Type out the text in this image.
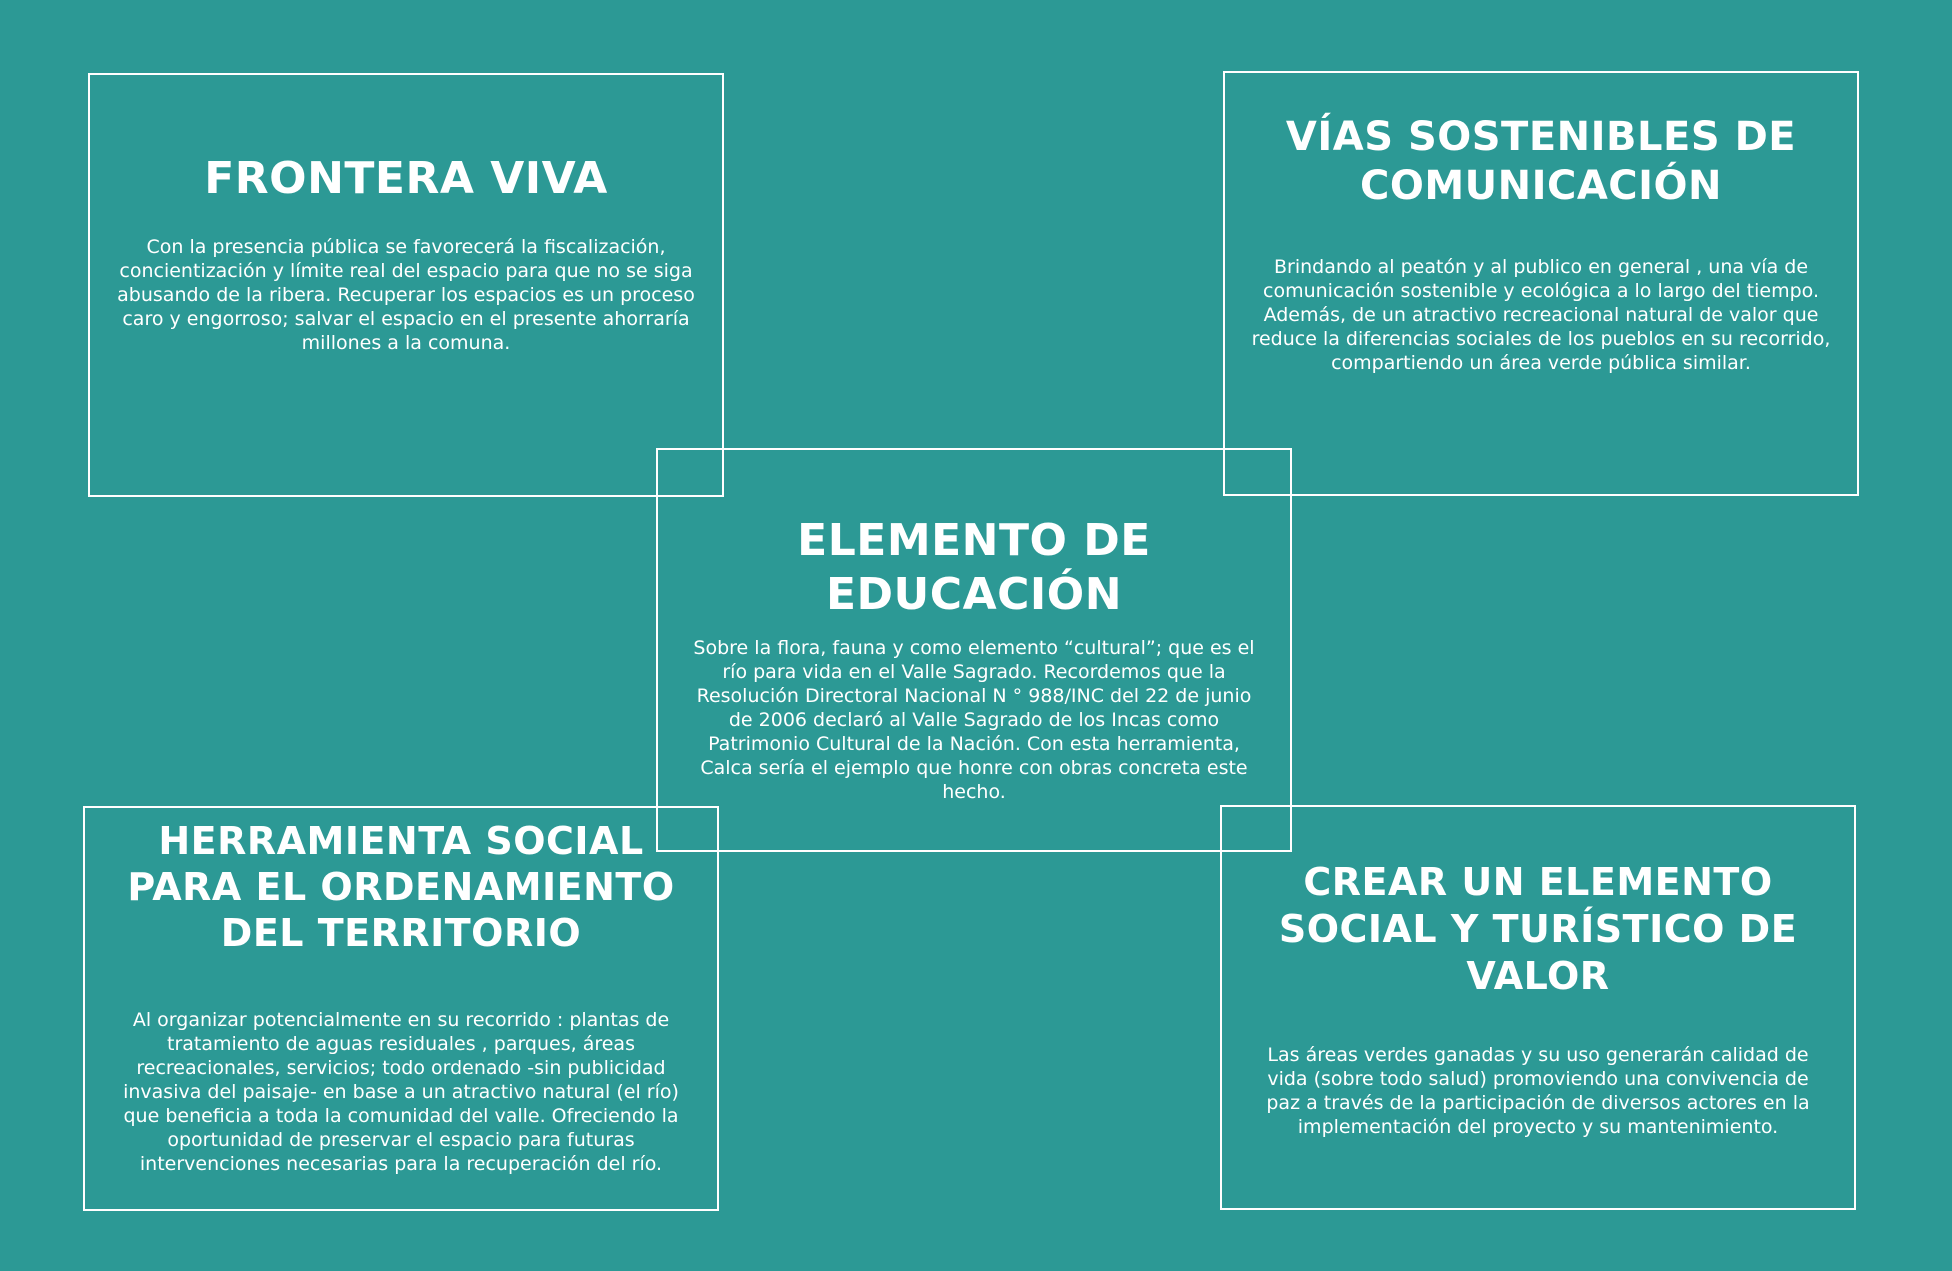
FRONTERA VIVA

Con la presencia pública se favorecerá la fiscalización,
concientización y límite real del espacio para que no se siga
abusando de la ribera. Recuperar los espacios es un proceso
caro y engorroso; salvar el espacio en el presente ahorraría
millones a la comuna.

VÍAS SOSTENIBLES DE
COMUNICACIÓN

Brindando al peatón y al publico en general , una vía de
comunicación sostenible y ecológica a lo largo del tiempo.
Además, de un atractivo recreacional natural de valor que
reduce la diferencias sociales de los pueblos en su recorrido,
compartiendo un área verde pública similar.

HERRAMIENTA SOCIAL
PARA EL ORDENAMIENTO
DEL TERRITORIO

Al organizar potencialmente en su recorrido : plantas de
tratamiento de aguas residuales , parques, áreas
recreacionales, servicios; todo ordenado -sin publicidad
invasiva del paisaje- en base a un atractivo natural (el río)
que beneficia a toda la comunidad del valle. Ofreciendo la
oportunidad de preservar el espacio para futuras
intervenciones necesarias para la recuperación del río.

CREAR UN ELEMENTO
SOCIAL Y TURÍSTICO DE
VALOR

Las áreas verdes ganadas y su uso generarán calidad de
vida (sobre todo salud) promoviendo una convivencia de
paz a través de la participación de diversos actores en la
implementación del proyecto y su mantenimiento.

ELEMENTO DE
EDUCACIÓN

Sobre la flora, fauna y como elemento “cultural”; que es el
río para vida en el Valle Sagrado. Recordemos que la
Resolución Directoral Nacional N ° 988/INC del 22 de junio
de 2006 declaró al Valle Sagrado de los Incas como
Patrimonio Cultural de la Nación. Con esta herramienta,
Calca sería el ejemplo que honre con obras concreta este
hecho.
